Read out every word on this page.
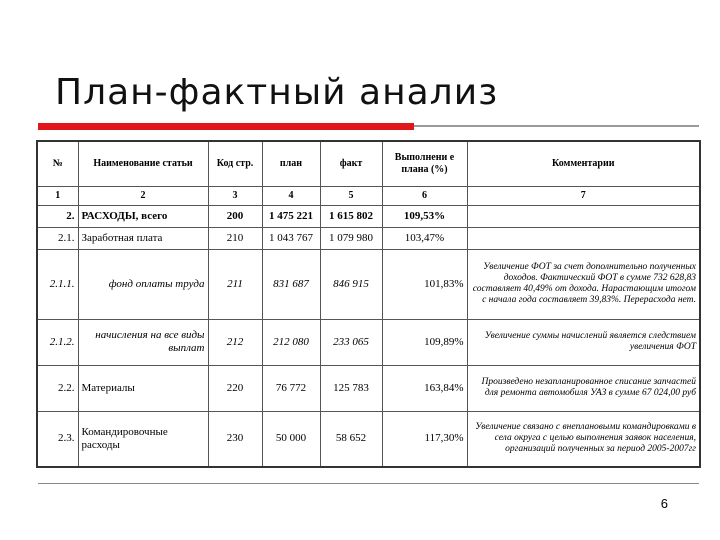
План-фактный анализ
№	Наименование статьи	Код стр.	план	факт	Выполнени е плана (%)	Комментарии
1	2	3	4	5	6	7
2.	РАСХОДЫ, всего	200	1 475 221	1 615 802	109,53%	
2.1.	Заработная плата	210	1 043 767	1 079 980	103,47%	
2.1.1.	фонд оплаты труда	211	831 687	846 915	101,83%	Увеличение ФОТ за счет дополнительно полученных доходов. Фактический ФОТ в сумме 732 628,83 составляет 40,49% от дохода. Нарастающим итогом с начала года составляет 39,83%. Перерасхода нет.
2.1.2.	начисления на все виды выплат	212	212 080	233 065	109,89%	Увеличение суммы начислений является следствием увеличения ФОТ
2.2.	Материалы	220	76 772	125 783	163,84%	Произведено незапланированное списание запчастей для ремонта автомобиля УАЗ в сумме 67 024,00 руб
2.3.	Командировочные расходы	230	50 000	58 652	117,30%	Увеличение связано с внеплановыми командировками в села округа с целью выполнения заявок населения, организаций полученных за период 2005-2007гг
6
